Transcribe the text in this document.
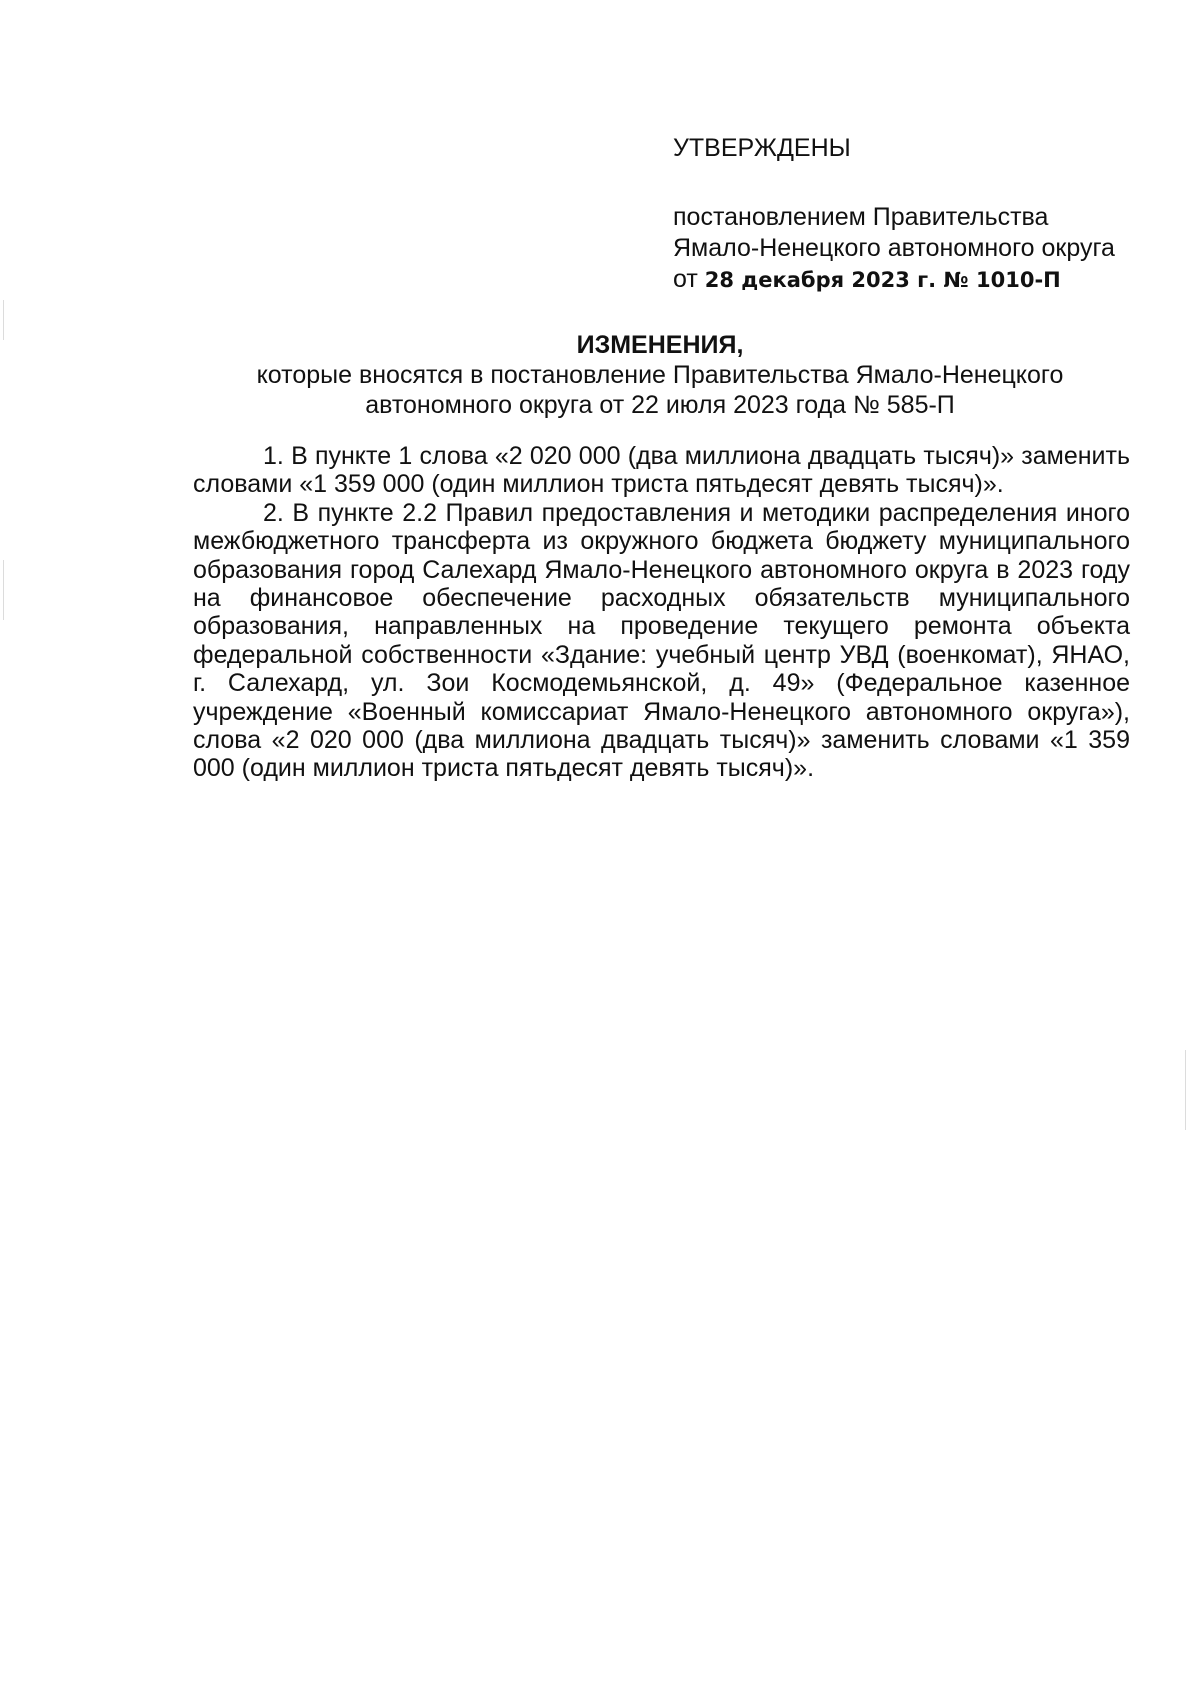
УТВЕРЖДЕНЫ
постановлением Правительства
Ямало-Ненецкого автономного округа
от 28 декабря 2023 г. № 1010-П
ИЗМЕНЕНИЯ,
которые вносятся в постановление Правительства Ямало-Ненецкого
автономного округа от 22 июля 2023 года № 585-П

1. В пункте 1 слова «2 020 000 (два миллиона двадцать тысяч)» заменить словами «1 359 000 (один миллион триста пятьдесят девять тысяч)».

2. В пункте 2.2 Правил предоставления и методики распределения иного межбюджетного трансферта из окружного бюджета бюджету муниципального образования город Салехард Ямало-Ненецкого автономного округа в 2023 году на финансовое обеспечение расходных обязательств муниципального образования, направленных на проведение текущего ремонта объекта федеральной собственности «Здание: учебный центр УВД (военкомат), ЯНАО, г. Салехард, ул. Зои Космодемьянской, д. 49» (Федеральное казенное учреждение «Военный комиссариат Ямало-Ненецкого автономного округа»), слова «2 020 000 (два миллиона двадцать тысяч)» заменить словами «1 359 000 (один миллион триста пятьдесят девять тысяч)».
